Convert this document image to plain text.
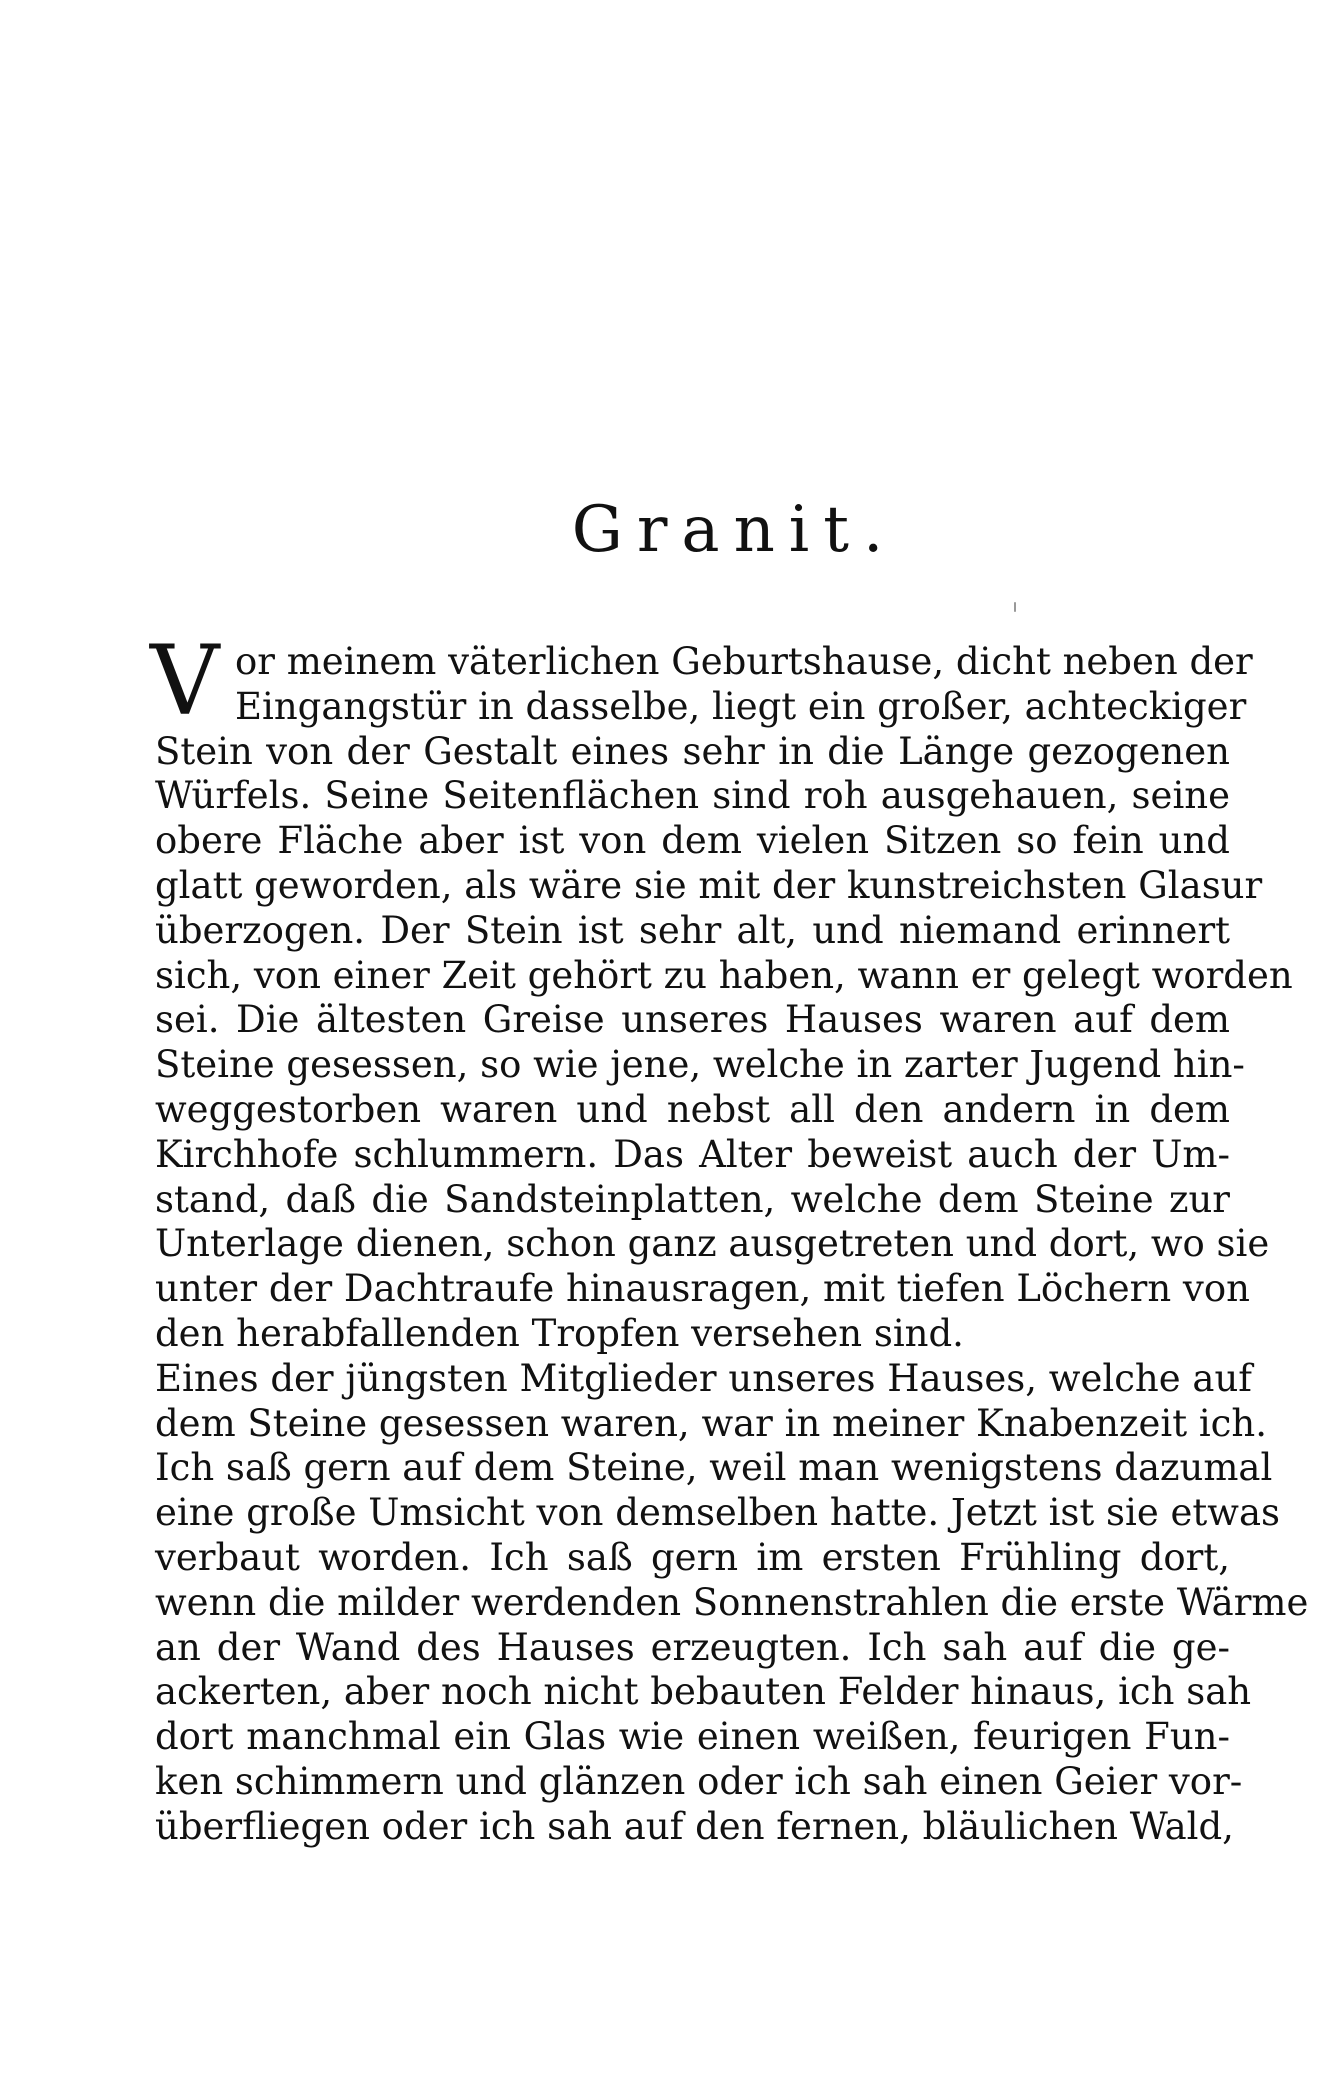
Granit.
V or meinem väterlichen Geburtshause, dicht neben der
Eingangstür in dasselbe, liegt ein großer, achteckiger
Stein von der Gestalt eines sehr in die Länge gezogenen
Würfels. Seine Seitenflächen sind roh ausgehauen, seine
obere Fläche aber ist von dem vielen Sitzen so fein und
glatt geworden, als wäre sie mit der kunstreichsten Glasur
überzogen. Der Stein ist sehr alt, und niemand erinnert
sich, von einer Zeit gehört zu haben, wann er gelegt worden
sei. Die ältesten Greise unseres Hauses waren auf dem
Steine gesessen, so wie jene, welche in zarter Jugend hin-
weggestorben waren und nebst all den andern in dem
Kirchhofe schlummern. Das Alter beweist auch der Um-
stand, daß die Sandsteinplatten, welche dem Steine zur
Unterlage dienen, schon ganz ausgetreten und dort, wo sie
unter der Dachtraufe hinausragen, mit tiefen Löchern von
den herabfallenden Tropfen versehen sind.
Eines der jüngsten Mitglieder unseres Hauses, welche auf
dem Steine gesessen waren, war in meiner Knabenzeit ich.
Ich saß gern auf dem Steine, weil man wenigstens dazumal
eine große Umsicht von demselben hatte. Jetzt ist sie etwas
verbaut worden. Ich saß gern im ersten Frühling dort,
wenn die milder werdenden Sonnenstrahlen die erste Wärme
an der Wand des Hauses erzeugten. Ich sah auf die ge-
ackerten, aber noch nicht bebauten Felder hinaus, ich sah
dort manchmal ein Glas wie einen weißen, feurigen Fun-
ken schimmern und glänzen oder ich sah einen Geier vor-
überfliegen oder ich sah auf den fernen, bläulichen Wald,
